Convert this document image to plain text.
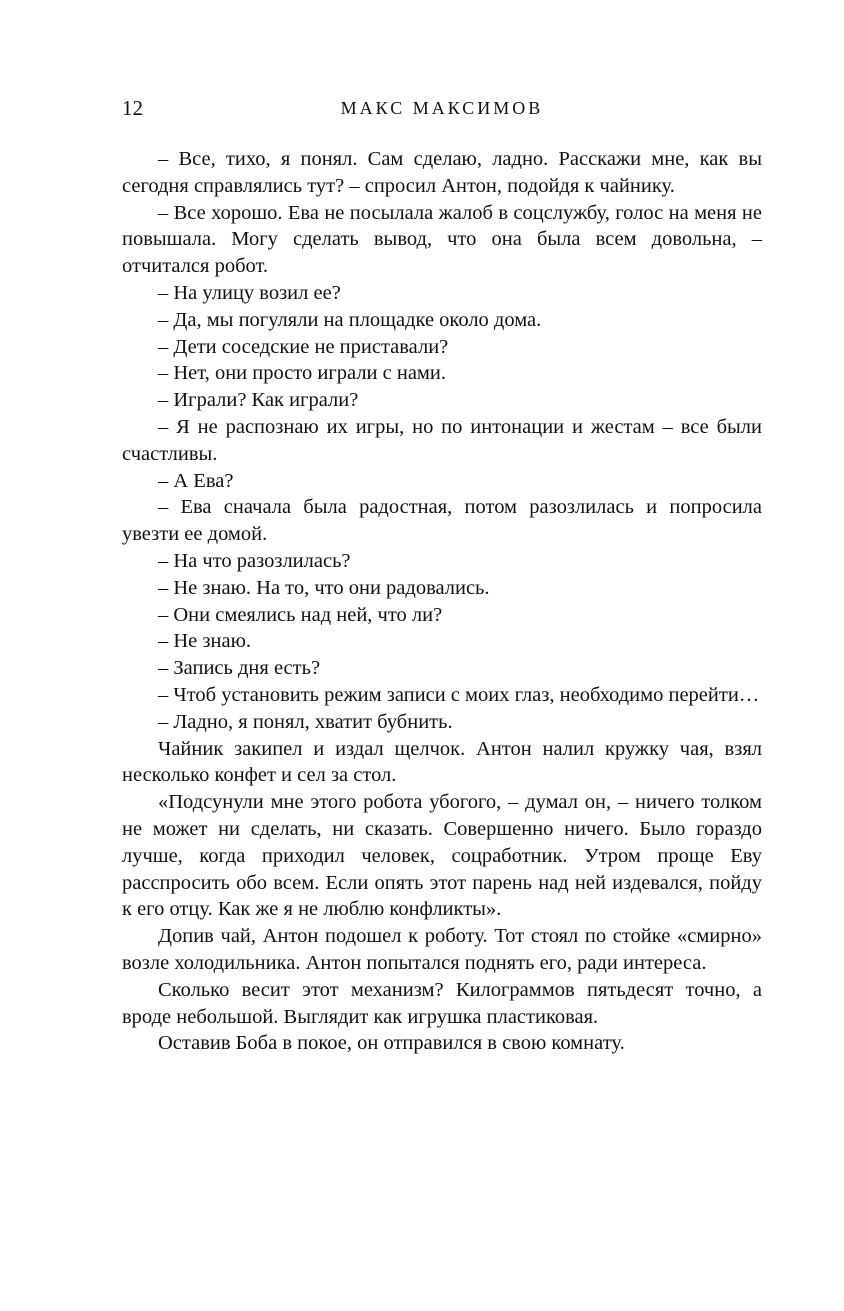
12	МАКС МАКСИМОВ

– Все, тихо, я понял. Сам сделаю, ладно. Расскажи мне, как вы сегодня справлялись тут? – спросил Антон, подойдя к чайнику.

– Все хорошо. Ева не посылала жалоб в соцслужбу, голос на меня не повышала. Могу сделать вывод, что она была всем довольна, – отчитался робот.

– На улицу возил ее?

– Да, мы погуляли на площадке около дома.

– Дети соседские не приставали?

– Нет, они просто играли с нами.

– Играли? Как играли?

– Я не распознаю их игры, но по интонации и жестам – все были счастливы.

– А Ева?

– Ева сначала была радостная, потом разозлилась и попросила увезти ее домой.

– На что разозлилась?

– Не знаю. На то, что они радовались.

– Они смеялись над ней, что ли?

– Не знаю.

– Запись дня есть?

– Чтоб установить режим записи с моих глаз, необходимо перейти…

– Ладно, я понял, хватит бубнить.

Чайник закипел и издал щелчок. Антон налил кружку чая, взял несколько конфет и сел за стол.

«Подсунули мне этого робота убогого, – думал он, – ничего толком не может ни сделать, ни сказать. Совершенно ничего. Было гораздо лучше, когда приходил человек, соцработник. Утром проще Еву расспросить обо всем. Если опять этот парень над ней издевался, пойду к его отцу. Как же я не люблю конфликты».

Допив чай, Антон подошел к роботу. Тот стоял по стойке «смирно» возле холодильника. Антон попытался поднять его, ради интереса.

Сколько весит этот механизм? Килограммов пятьдесят точно, а вроде небольшой. Выглядит как игрушка пластиковая.

Оставив Боба в покое, он отправился в свою комнату.
